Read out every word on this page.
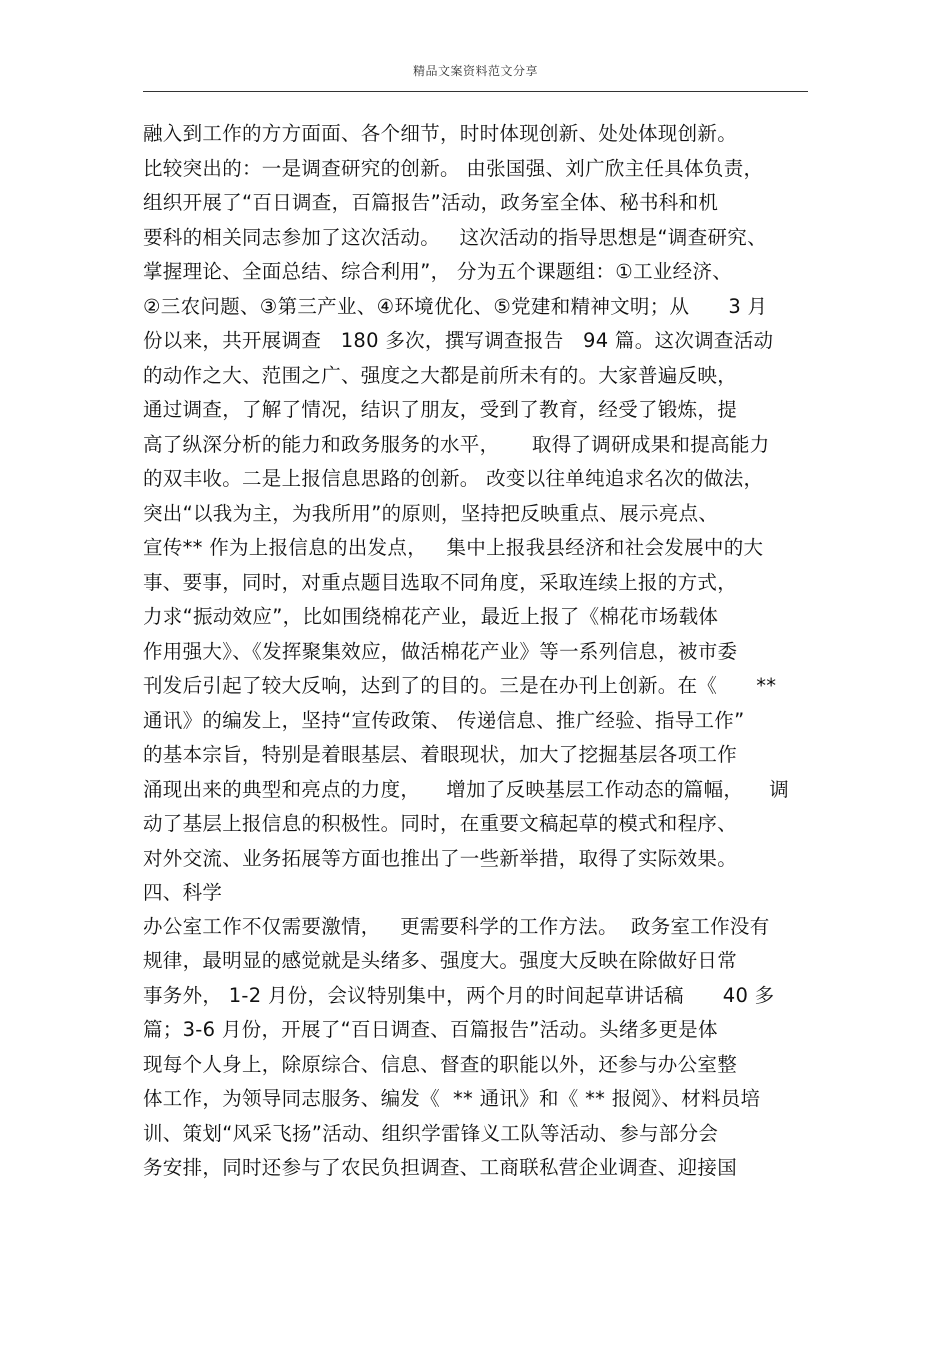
精品文案资料范文分享
融入到工作的方方面面、各个细节，时时体现创新、处处体现创新。
比较突出的：一是调查研究的创新。 由张国强、刘广欣主任具体负责，
组织开展了“百日调查，百篇报告”活动，政务室全体、秘书科和机
要科的相关同志参加了这次活动。   这次活动的指导思想是“调查研究、
掌握理论、全面总结、综合利用”， 分为五个课题组：①工业经济、
②三农问题、③第三产业、④环境优化、⑤党建和精神文明；从      3 月
份以来，共开展调查   180 多次，撰写调查报告   94 篇。这次调查活动
的动作之大、范围之广、强度之大都是前所未有的。大家普遍反映，
通过调查，了解了情况，结识了朋友，受到了教育，经受了锻炼，提
高了纵深分析的能力和政务服务的水平，     取得了调研成果和提高能力
的双丰收。二是上报信息思路的创新。 改变以往单纯追求名次的做法，
突出“以我为主，为我所用”的原则，坚持把反映重点、展示亮点、
宣传** 作为上报信息的出发点，   集中上报我县经济和社会发展中的大
事、要事，同时，对重点题目选取不同角度，采取连续上报的方式，
力求“振动效应”，比如围绕棉花产业，最近上报了《棉花市场载体
作用强大》、《发挥聚集效应，做活棉花产业》等一系列信息，被市委
刊发后引起了较大反响，达到了的目的。三是在办刊上创新。在《      **
通讯》的编发上，坚持“宣传政策、 传递信息、推广经验、指导工作”
的基本宗旨，特别是着眼基层、着眼现状，加大了挖掘基层各项工作
涌现出来的典型和亮点的力度，    增加了反映基层工作动态的篇幅，    调
动了基层上报信息的积极性。同时，在重要文稿起草的模式和程序、
对外交流、业务拓展等方面也推出了一些新举措，取得了实际效果。
四、科学
办公室工作不仅需要激情，   更需要科学的工作方法。  政务室工作没有
规律，最明显的感觉就是头绪多、强度大。强度大反映在除做好日常
事务外， 1-2 月份，会议特别集中，两个月的时间起草讲话稿      40 多
篇；3-6 月份，开展了“百日调查、百篇报告”活动。头绪多更是体
现每个人身上，除原综合、信息、督查的职能以外，还参与办公室整
体工作，为领导同志服务、编发《  ** 通讯》和《 ** 报阅》、材料员培
训、策划“风采飞扬”活动、组织学雷锋义工队等活动、参与部分会
务安排，同时还参与了农民负担调查、工商联私营企业调查、迎接国
